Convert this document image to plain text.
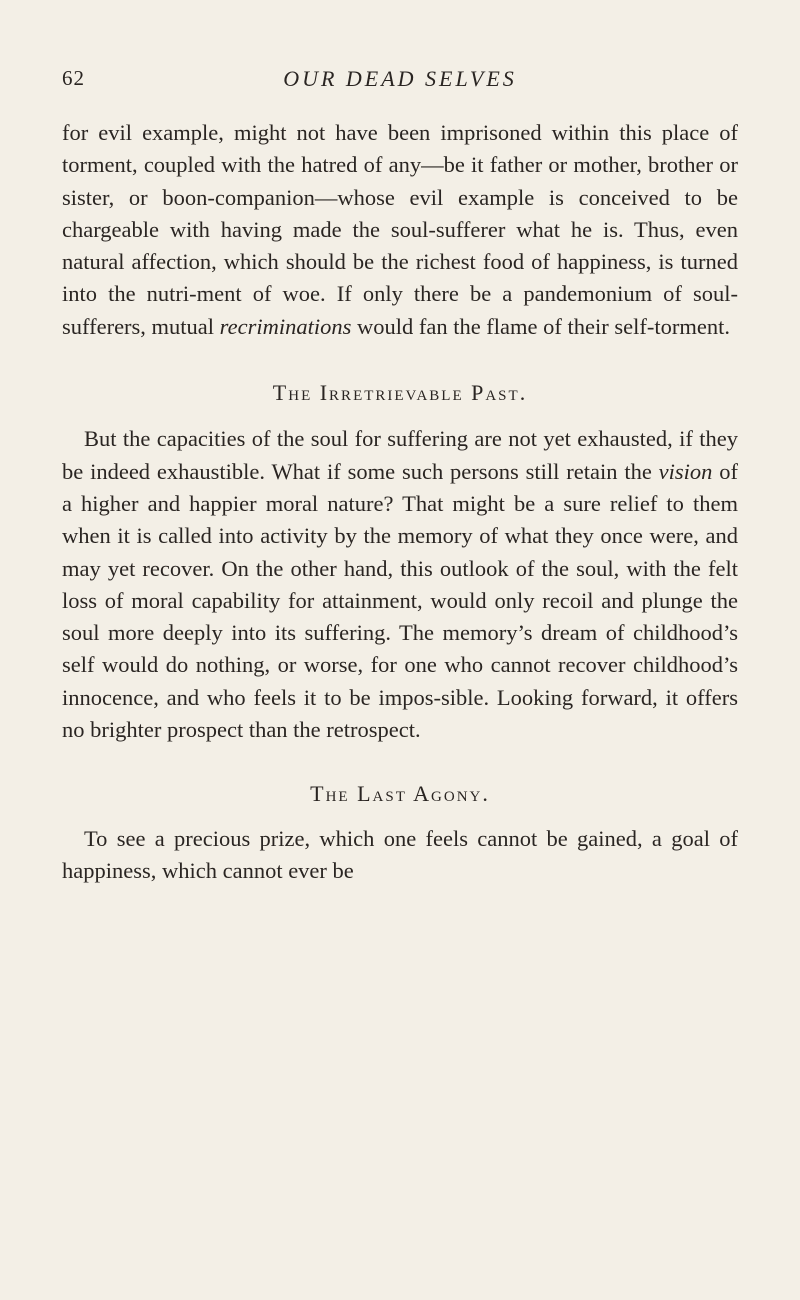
62	OUR DEAD SELVES

for evil example, might not have been imprisoned within this place of torment, coupled with the hatred of any—be it father or mother, brother or sister, or boon-companion—whose evil example is conceived to be chargeable with having made the soul-sufferer what he is. Thus, even natural affection, which should be the richest food of happiness, is turned into the nutri-ment of woe. If only there be a pandemonium of soul-sufferers, mutual recriminations would fan the flame of their self-torment.

The Irretrievable Past.

But the capacities of the soul for suffering are not yet exhausted, if they be indeed exhaustible. What if some such persons still retain the vision of a higher and happier moral nature? That might be a sure relief to them when it is called into activity by the memory of what they once were, and may yet recover. On the other hand, this outlook of the soul, with the felt loss of moral capability for attainment, would only recoil and plunge the soul more deeply into its suffering. The memory’s dream of childhood’s self would do nothing, or worse, for one who cannot recover childhood’s innocence, and who feels it to be impos-sible. Looking forward, it offers no brighter prospect than the retrospect.

The Last Agony.

To see a precious prize, which one feels cannot be gained, a goal of happiness, which cannot ever be
